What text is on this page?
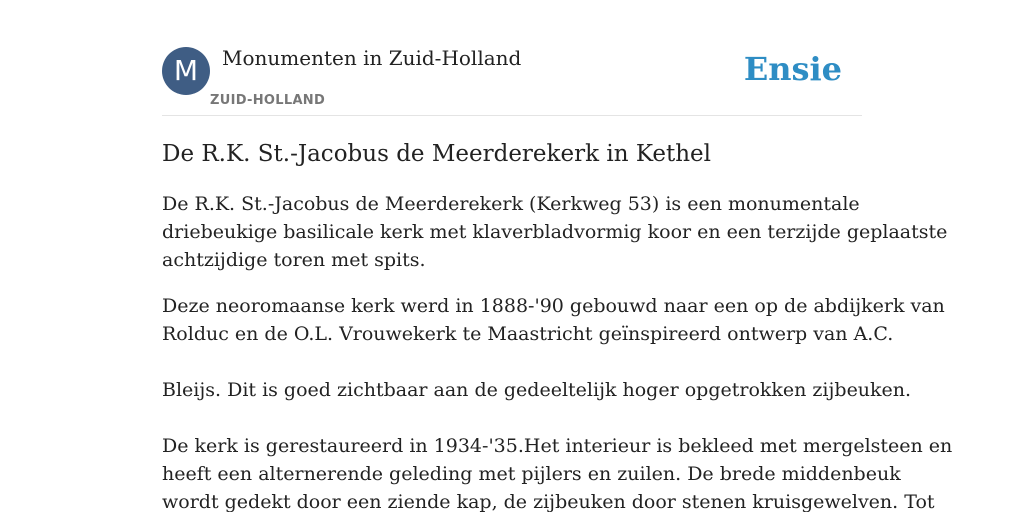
M	Monumenten in Zuid-Holland
ZUID-HOLLAND
Ensie
De R.K. St.-Jacobus de Meerderekerk in Kethel

De R.K. St.-Jacobus de Meerderekerk (Kerkweg 53) is een monumentale
driebeukige basilicale kerk met klaverbladvormig koor en een terzijde geplaatste
achtzijdige toren met spits.

Deze neoromaanse kerk werd in 1888-'90 gebouwd naar een op de abdijkerk van
Rolduc en de O.L. Vrouwekerk te Maastricht geïnspireerd ontwerp van A.C.
Bleijs. Dit is goed zichtbaar aan de gedeeltelijk hoger opgetrokken zijbeuken.
De kerk is gerestaureerd in 1934-'35.Het interieur is bekleed met mergelsteen en
heeft een alternerende geleding met pijlers en zuilen. De brede middenbeuk
wordt gedekt door een ziende kap, de zijbeuken door stenen kruisgewelven. Tot
